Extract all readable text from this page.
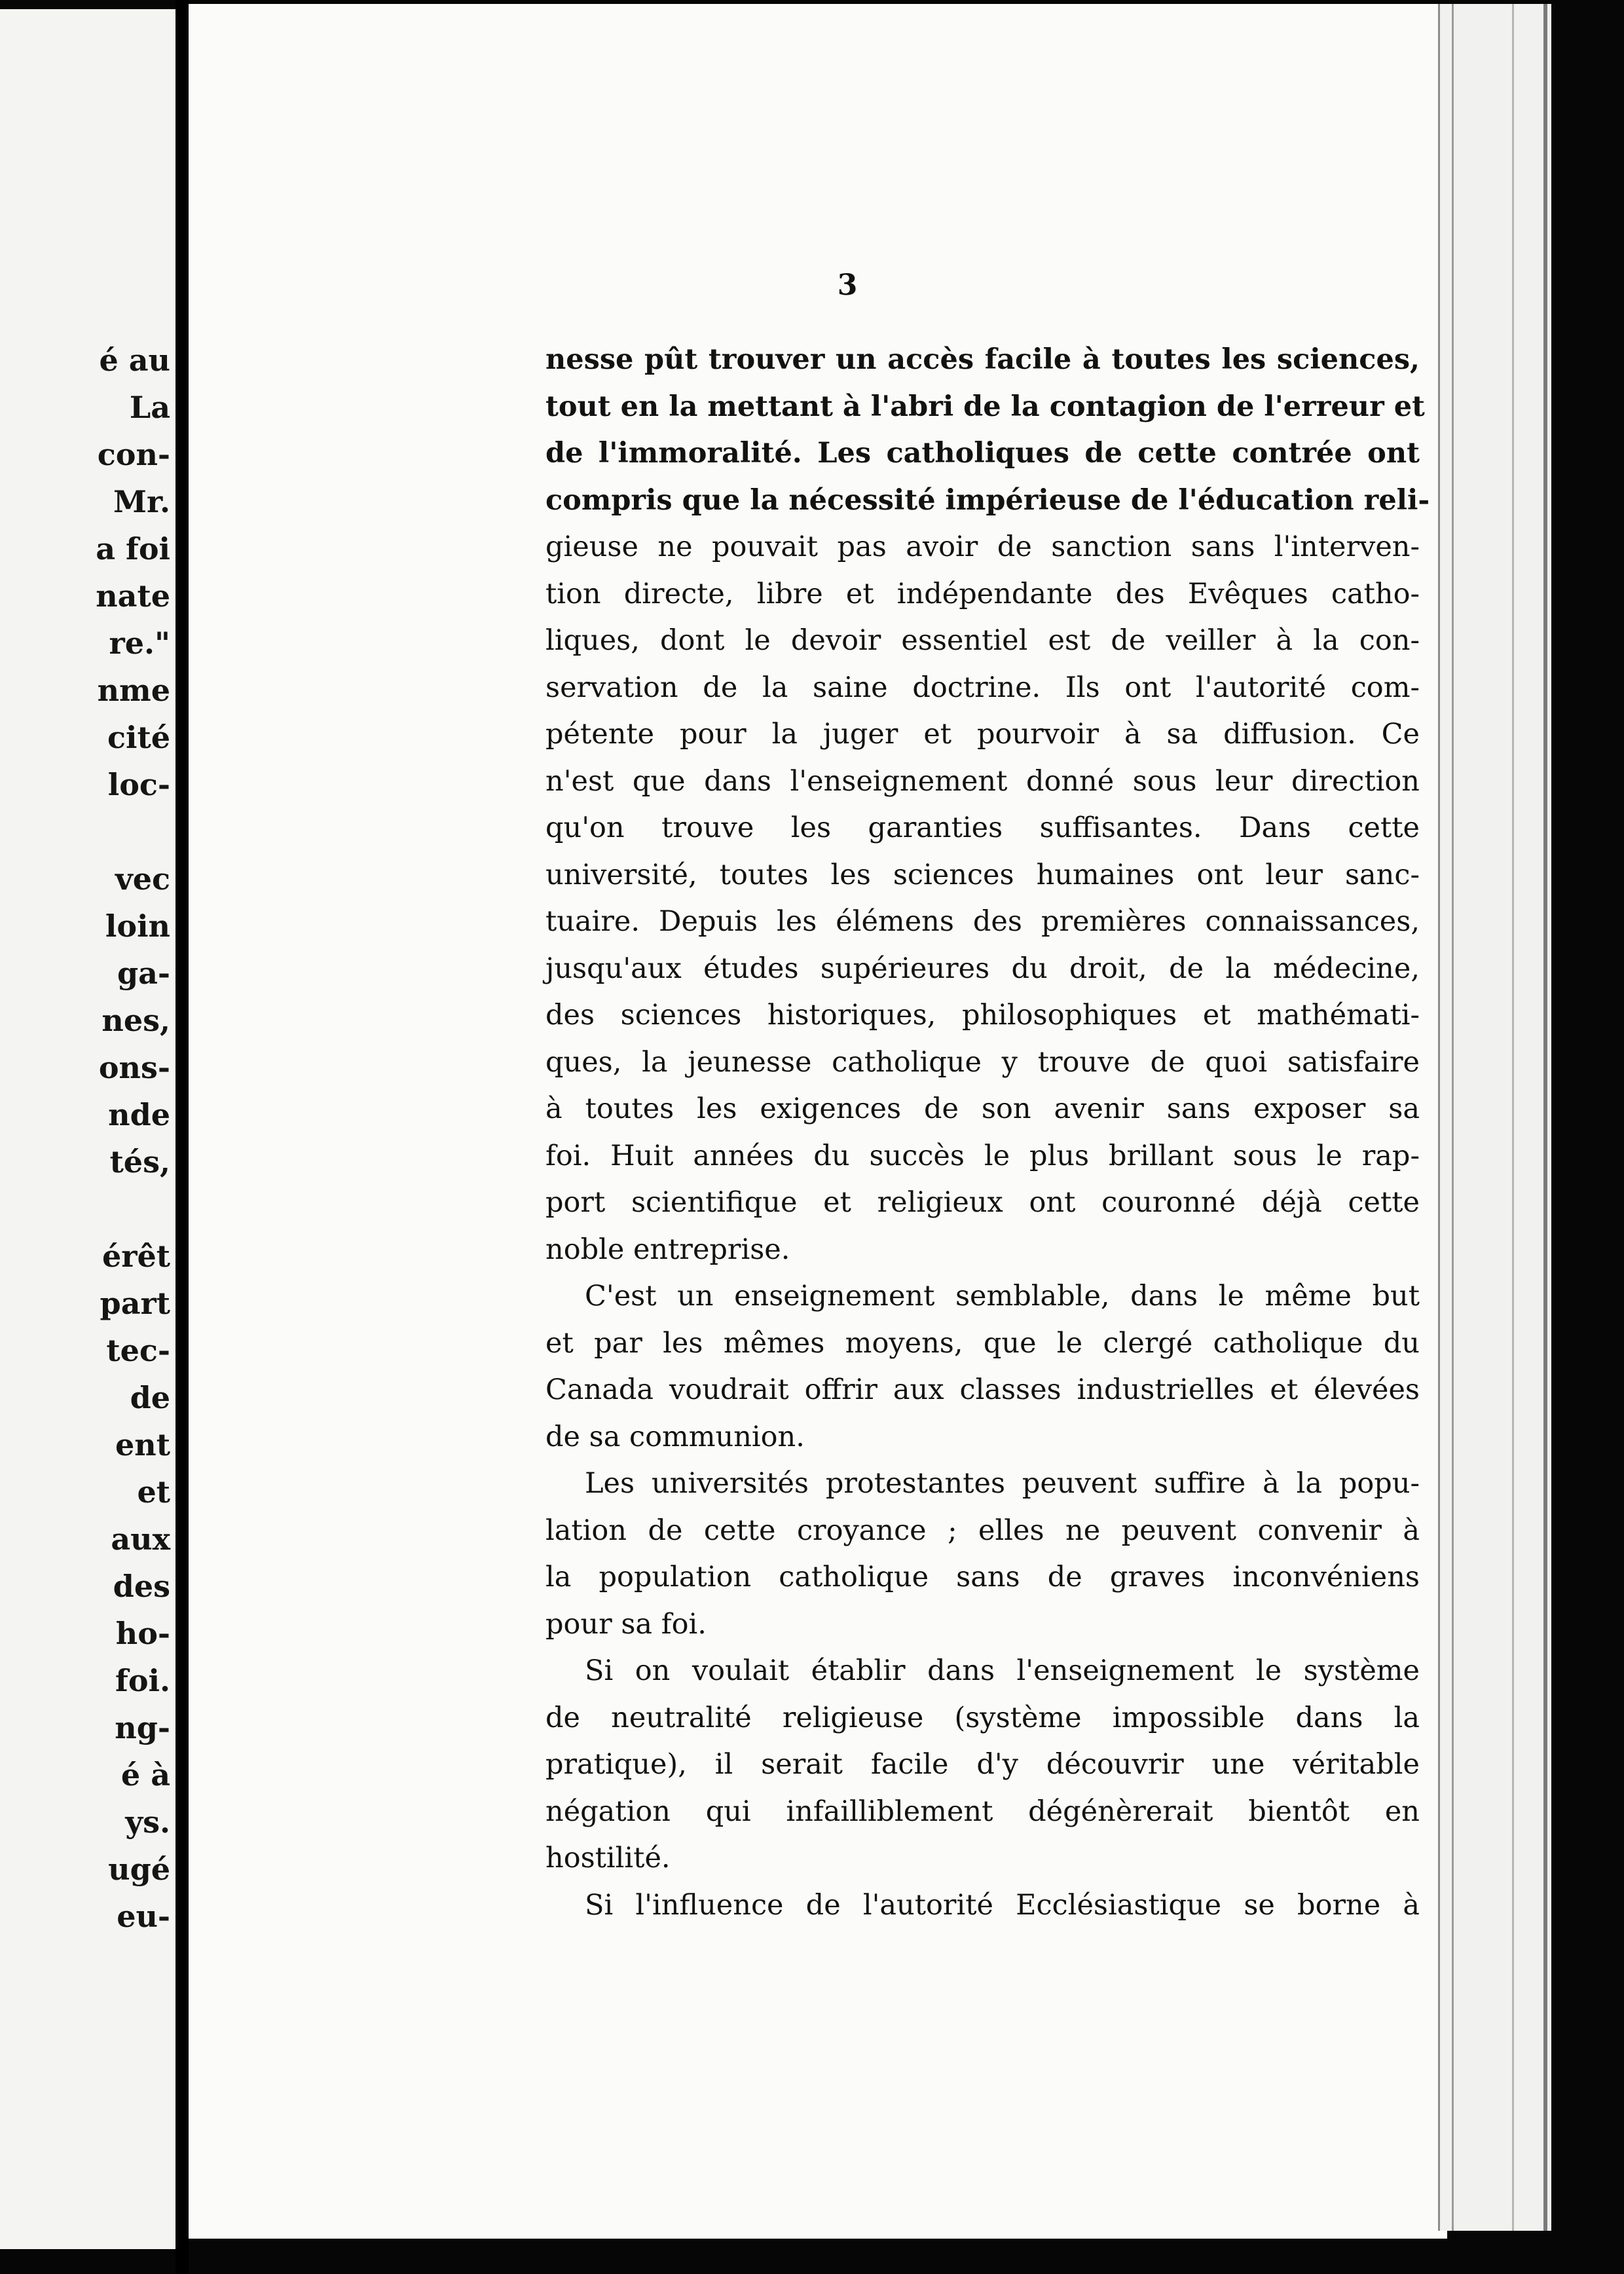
é au
La
con-
Mr.
a foi
nate
re."
nme
cité
loc-
vec
loin
ga-
nes,
ons-
nde
tés,
érêt
part
tec-
de
ent
et
aux
des
ho-
foi.
ng-
é à
ys.
ugé
eu-
3
nesse pût trouver un accès facile à toutes les sciences,
tout en la mettant à l'abri de la contagion de l'erreur et
de l'immoralité. Les catholiques de cette contrée ont
compris que la nécessité impérieuse de l'éducation reli-
gieuse ne pouvait pas avoir de sanction sans l'interven-
tion directe, libre et indépendante des Evêques catho-
liques, dont le devoir essentiel est de veiller à la con-
servation de la saine doctrine. Ils ont l'autorité com-
pétente pour la juger et pourvoir à sa diffusion. Ce
n'est que dans l'enseignement donné sous leur direction
qu'on trouve les garanties suffisantes. Dans cette
université, toutes les sciences humaines ont leur sanc-
tuaire. Depuis les élémens des premières connaissances,
jusqu'aux études supérieures du droit, de la médecine,
des sciences historiques, philosophiques et mathémati-
ques, la jeunesse catholique y trouve de quoi satisfaire
à toutes les exigences de son avenir sans exposer sa
foi. Huit années du succès le plus brillant sous le rap-
port scientifique et religieux ont couronné déjà cette
noble entreprise.
C'est un enseignement semblable, dans le même but
et par les mêmes moyens, que le clergé catholique du
Canada voudrait offrir aux classes industrielles et élevées
de sa communion.
Les universités protestantes peuvent suffire à la popu-
lation de cette croyance ; elles ne peuvent convenir à
la population catholique sans de graves inconvéniens
pour sa foi.
Si on voulait établir dans l'enseignement le système
de neutralité religieuse (système impossible dans la
pratique), il serait facile d'y découvrir une véritable
négation qui infailliblement dégénèrerait bientôt en
hostilité.
Si l'influence de l'autorité Ecclésiastique se borne à
